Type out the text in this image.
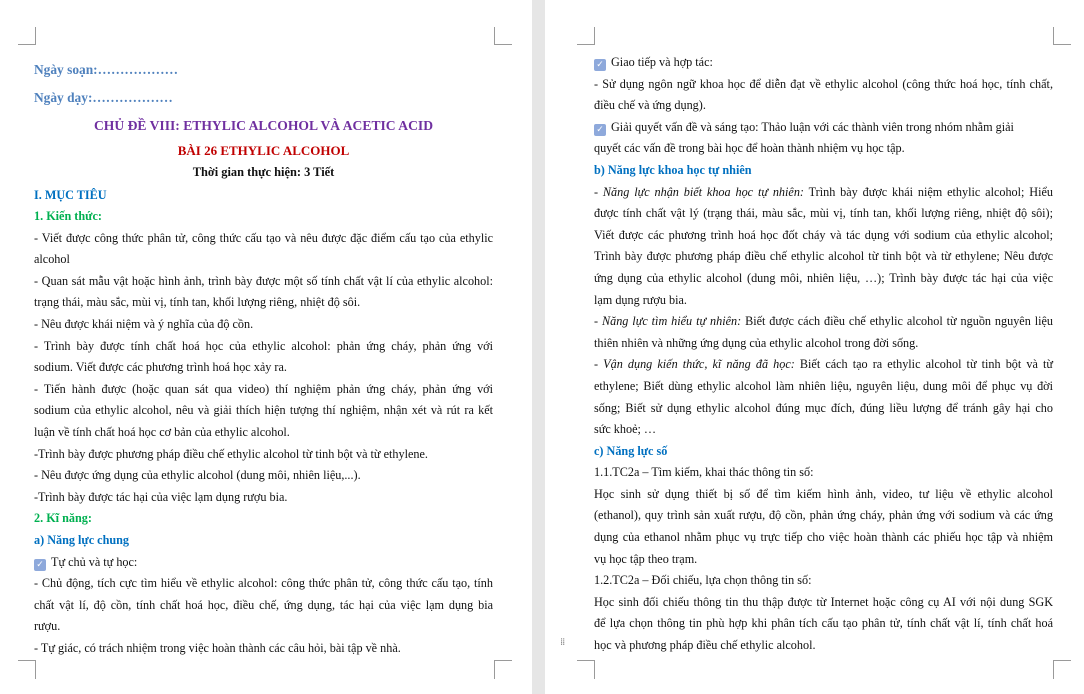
Ngày soạn:………………
Ngày dạy:………………
CHỦ ĐỀ VIII: ETHYLIC ALCOHOL VÀ ACETIC ACID
BÀI 26 ETHYLIC ALCOHOL
Thời gian thực hiện: 3 Tiết
I. MỤC TIÊU
1. Kiến thức:
- Viết được công thức phân tử, công thức cấu tạo và nêu được đặc điểm cấu tạo của ethylic
alcohol
- Quan sát mẫu vật hoặc hình ảnh, trình bày được một số tính chất vật lí của ethylic alcohol:
trạng thái, màu sắc, mùi vị, tính tan, khối lượng riêng, nhiệt độ sôi.
- Nêu được khái niệm và ý nghĩa của độ cồn.
- Trình bày được tính chất hoá học của ethylic alcohol: phản ứng cháy, phản ứng với
sodium. Viết được các phương trình hoá học xảy ra.
- Tiến hành được (hoặc quan sát qua video) thí nghiệm phản ứng cháy, phản ứng với
sodium của ethylic alcohol, nêu và giải thích hiện tượng thí nghiệm, nhận xét và rút ra kết
luận về tính chất hoá học cơ bản của ethylic alcohol.
-Trình bày được phương pháp điều chế ethylic alcohol từ tinh bột và từ ethylene.
- Nêu được ứng dụng của ethylic alcohol (dung môi, nhiên liệu,...).
-Trình bày được tác hại của việc lạm dụng rượu bia.
2. Kĩ năng:
a) Năng lực chung
✓ Tự chủ và tự học:
- Chủ động, tích cực tìm hiểu về ethylic alcohol: công thức phân tử, công thức cấu tạo, tính
chất vật lí, độ cồn, tính chất hoá học, điều chế, ứng dụng, tác hại của việc lạm dụng bia
rượu.
- Tự giác, có trách nhiệm trong việc hoàn thành các câu hỏi, bài tập về nhà.
✓ Giao tiếp và hợp tác:
- Sử dụng ngôn ngữ khoa học để diễn đạt về ethylic alcohol (công thức hoá học, tính chất,
điều chế và ứng dụng).
✓ Giải quyết vấn đề và sáng tạo: Thảo luận với các thành viên trong nhóm nhằm giải
quyết các vấn đề trong bài học để hoàn thành nhiệm vụ học tập.
b) Năng lực khoa học tự nhiên
- Năng lực nhận biết khoa học tự nhiên: Trình bày được khái niệm ethylic alcohol; Hiểu
được tính chất vật lý (trạng thái, màu sắc, mùi vị, tính tan, khối lượng riêng, nhiệt độ sôi);
Viết được các phương trình hoá học đốt cháy và tác dụng với sodium của ethylic alcohol;
Trình bày được phương pháp điều chế ethylic alcohol từ tinh bột và từ ethylene; Nêu được
ứng dụng của ethylic alcohol (dung môi, nhiên liệu, …); Trình bày được tác hại của việc
lạm dụng rượu bia.
- Năng lực tìm hiểu tự nhiên: Biết được cách điều chế ethylic alcohol từ nguồn nguyên liệu
thiên nhiên và những ứng dụng của ethylic alcohol trong đời sống.
- Vận dụng kiến thức, kĩ năng đã học: Biết cách tạo ra ethylic alcohol từ tinh bột và từ
ethylene; Biết dùng ethylic alcohol làm nhiên liệu, nguyên liệu, dung môi để phục vụ đời
sống; Biết sử dụng ethylic alcohol đúng mục đích, đúng liều lượng để tránh gây hại cho
sức khoẻ; …
c) Năng lực số
1.1.TC2a – Tìm kiếm, khai thác thông tin số:
Học sinh sử dụng thiết bị số để tìm kiếm hình ảnh, video, tư liệu về ethylic alcohol
(ethanol), quy trình sản xuất rượu, độ cồn, phản ứng cháy, phản ứng với sodium và các ứng
dụng của ethanol nhằm phục vụ trực tiếp cho việc hoàn thành các phiếu học tập và nhiệm
vụ học tập theo trạm.
1.2.TC2a – Đối chiếu, lựa chọn thông tin số:
Học sinh đối chiếu thông tin thu thập được từ Internet hoặc công cụ AI với nội dung SGK
để lựa chọn thông tin phù hợp khi phân tích cấu tạo phân tử, tính chất vật lí, tính chất hoá
học và phương pháp điều chế ethylic alcohol.
⁞⁞
